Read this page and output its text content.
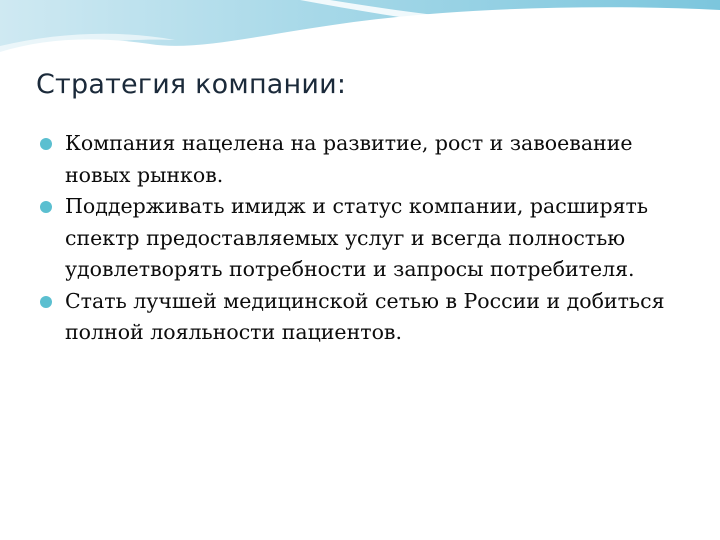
Стратегия компании:
Компания нацелена на развитие, рост и завоевание новых рынков.
Поддерживать имидж и статус компании, расширять спектр предоставляемых услуг и всегда полностью удовлетворять потребности и запросы потребителя.
Стать лучшей медицинской сетью в России и добиться полной лояльности пациентов.
